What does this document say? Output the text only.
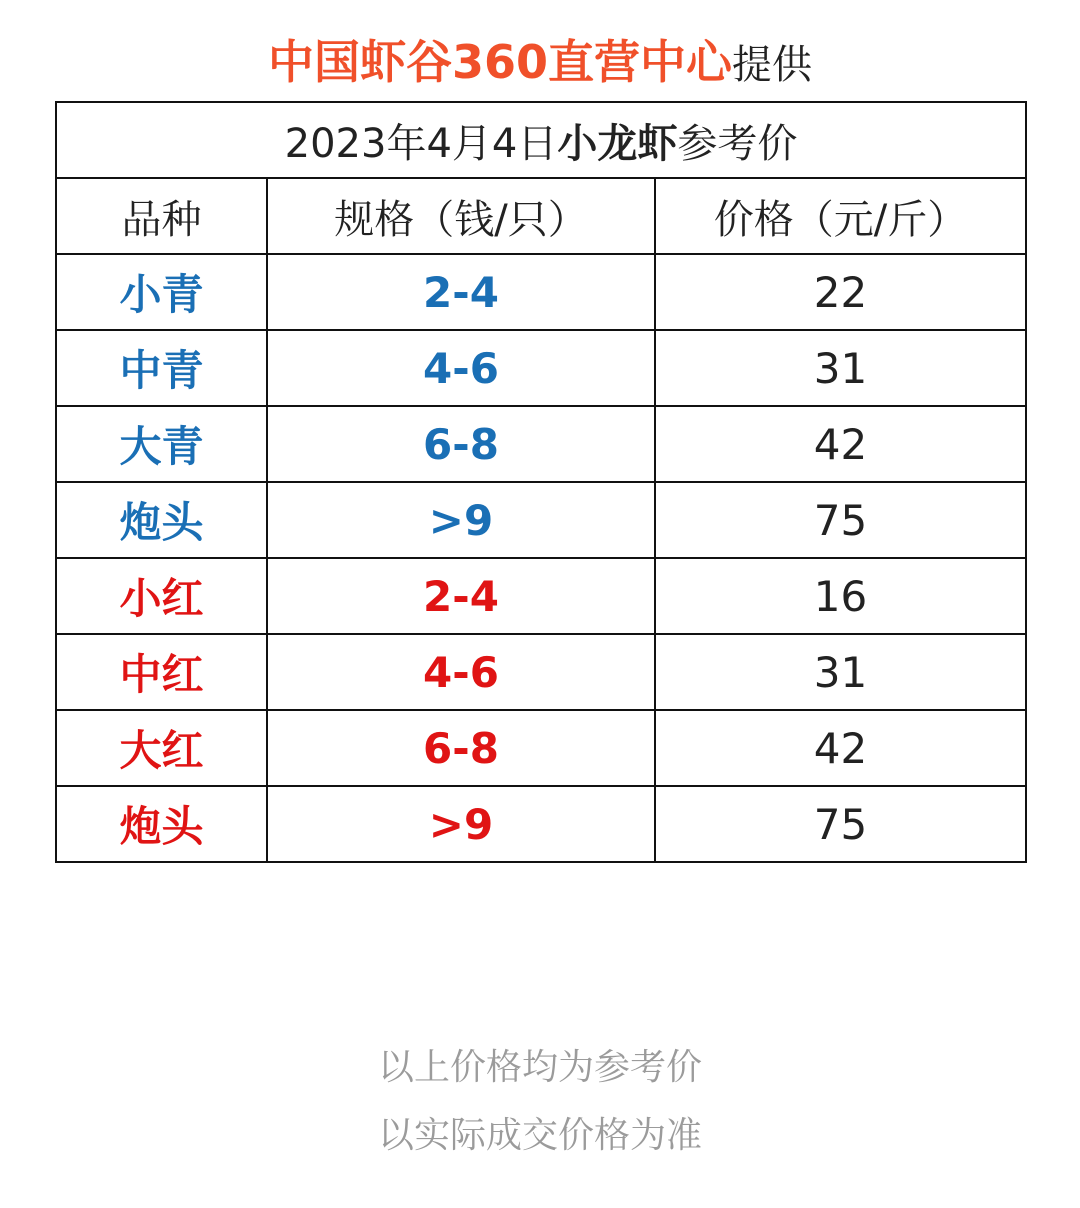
中国虾谷360直营中心提供
2023年4月4日小龙虾参考价		
品种	规格（钱/只）	价格（元/斤）
小青	2-4	22
中青	4-6	31
大青	6-8	42
炮头	>9	75
小红	2-4	16
中红	4-6	31
大红	6-8	42
炮头	>9	75
以上价格均为参考价
以实际成交价格为准
